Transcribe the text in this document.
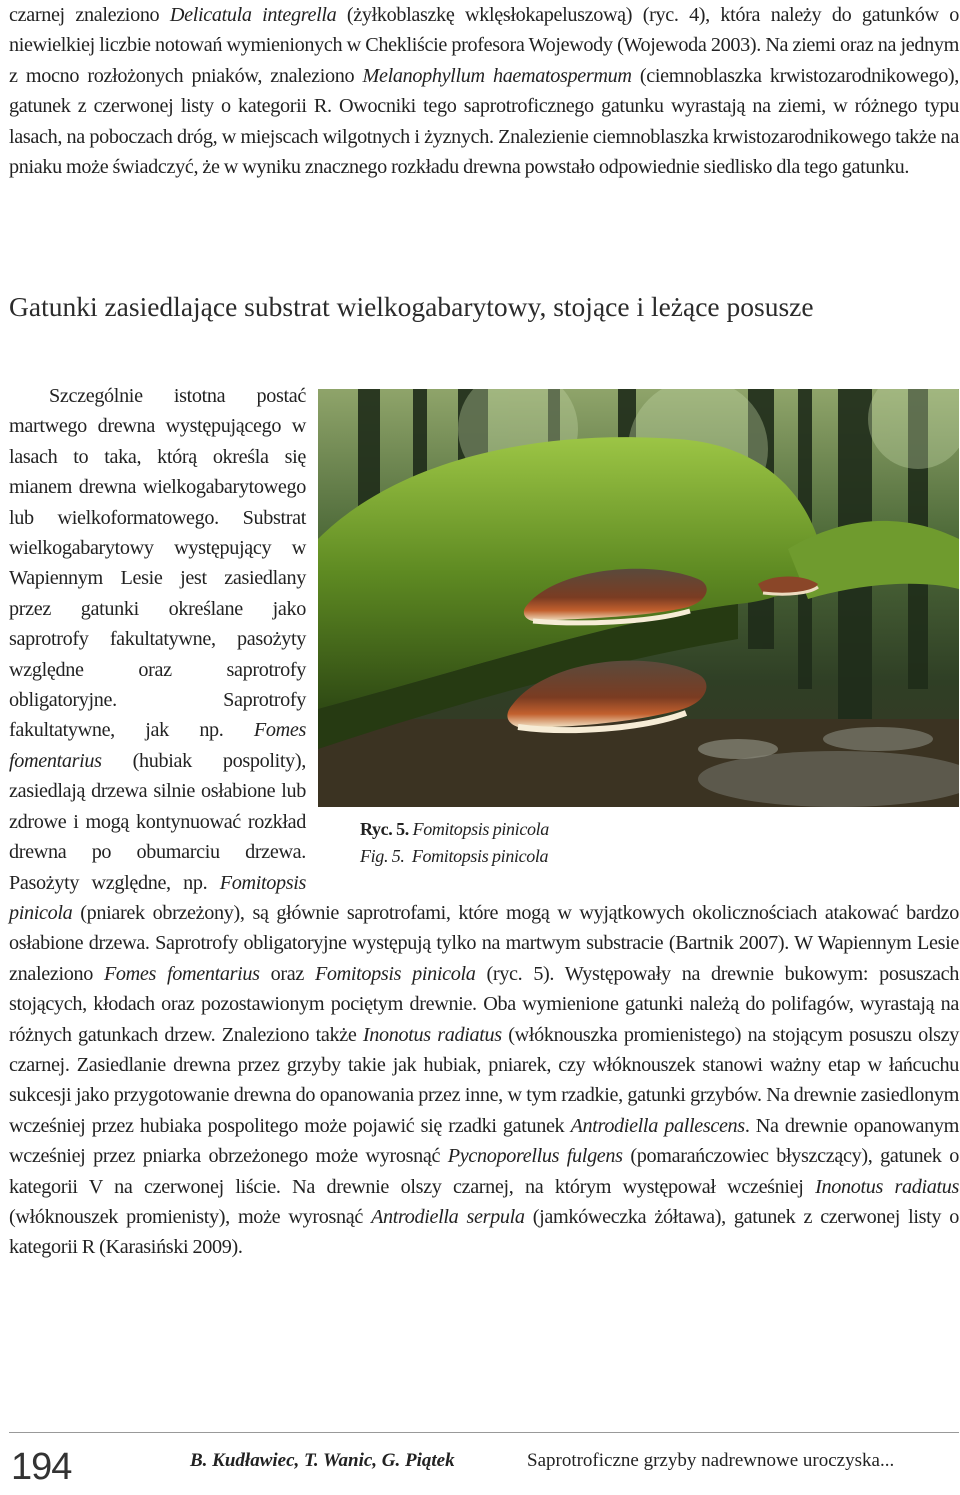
czarnej znaleziono Delicatula integrella (żyłkoblaszkę wklęsłokapeluszową) (ryc. 4), która należy do gatunków o niewielkiej liczbie notowań wymienionych w Chekliście profesora Wojewody (Wojewoda 2003). Na ziemi oraz na jednym z mocno rozłożonych pniaków, znaleziono Melanophyllum haematospermum (ciemnoblaszka krwistozarodnikowego), gatunek z czerwonej listy o kategorii R. Owocniki tego saprotroficznego gatunku wyrastają na ziemi, w różnego typu lasach, na poboczach dróg, w miejscach wilgotnych i żyznych. Znalezienie ciemnoblaszka krwistozarodnikowego także na pniaku może świadczyć, że w wyniku znacznego rozkładu drewna powstało odpowiednie siedlisko dla tego gatunku.

Gatunki zasiedlające substrat wielkogabarytowy, stojące i leżące posusze

Ryc. 5. Fomitopsis pinicola
Fig. 5. Fomitopsis pinicola
Szczególnie istotna postać martwego drewna występującego w lasach to taka, którą określa się mianem drewna wielkogabarytowego lub wielkoformatowego. Substrat wielkogabarytowy występujący w Wapiennym Lesie jest zasiedlany przez gatunki określane jako saprotrofy fakultatywne, pasożyty względne oraz saprotrofy obligatoryjne. Saprotrofy fakultatywne, jak np. Fomes fomentarius (hubiak pospolity), zasiedlają drzewa silnie osłabione lub zdrowe i mogą kontynuować rozkład drewna po obumarciu drzewa. Pasożyty względne, np. Fomitopsis pinicola (pniarek obrzeżony), są głównie saprotrofami, które mogą w wyjątkowych okolicznościach atakować bardzo osłabione drzewa. Saprotrofy obligatoryjne występują tylko na martwym substracie (Bartnik 2007). W Wapiennym Lesie znaleziono Fomes fomentarius oraz Fomitopsis pinicola (ryc. 5). Występowały na drewnie bukowym: posuszach stojących, kłodach oraz pozostawionym pociętym drewnie. Oba wymienione gatunki należą do polifagów, wyrastają na różnych gatunkach drzew. Znaleziono także Inonotus radiatus (włóknouszka promienistego) na stojącym posuszu olszy czarnej. Zasiedlanie drewna przez grzyby takie jak hubiak, pniarek, czy włóknouszek stanowi ważny etap w łańcuchu sukcesji jako przygotowanie drewna do opanowania przez inne, w tym rzadkie, gatunki grzybów. Na drewnie zasiedlonym wcześniej przez hubiaka pospolitego może pojawić się rzadki gatunek Antrodiella pallescens. Na drewnie opanowanym wcześniej przez pniarka obrzeżonego może wyrosnąć Pycnoporellus fulgens (pomarańczowiec błyszczący), gatunek o kategorii V na czerwonej liście. Na drewnie olszy czarnej, na którym występował wcześniej Inonotus radiatus (włóknouszek promienisty), może wyrosnąć Antrodiella serpula (jamkóweczka żółtawa), gatunek z czerwonej listy o kategorii R (Karasiński 2009).

194	B. Kudławiec, T. Wanic, G. Piątek	Saprotroficzne grzyby nadrewnowe uroczyska...
